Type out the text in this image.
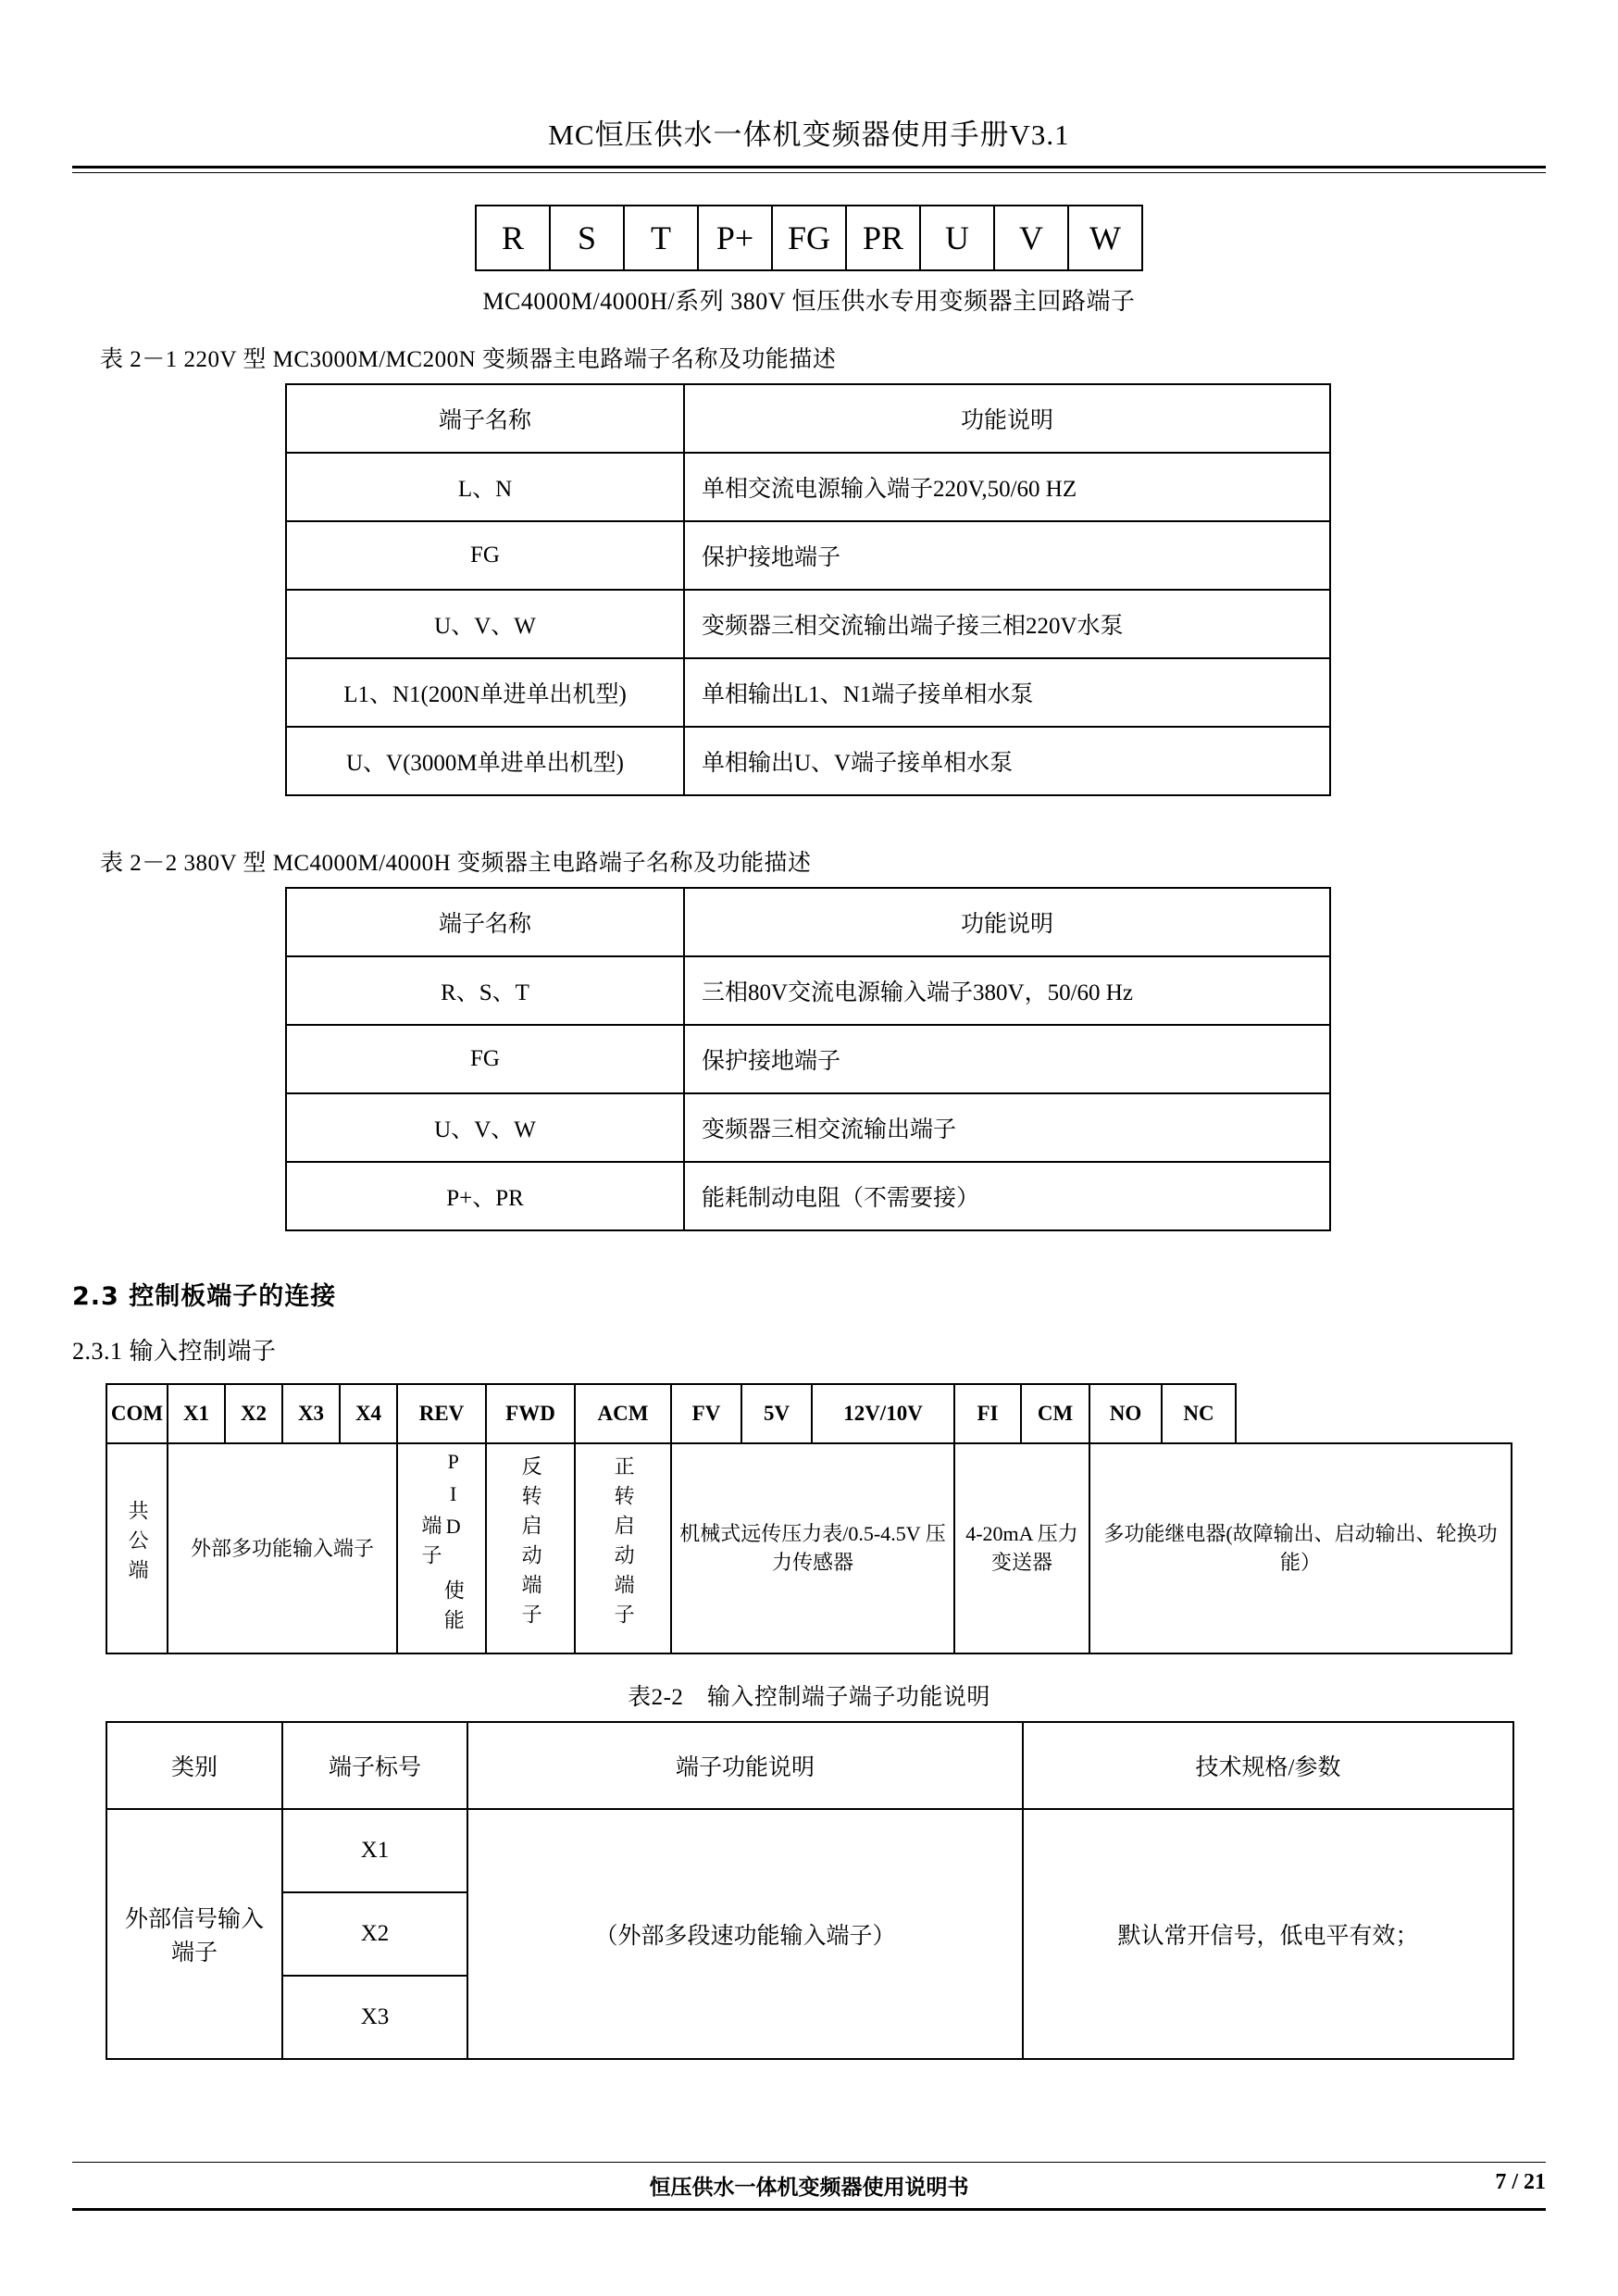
MC恒压供水一体机变频器使用手册V3.1
R	S	T	P+	FG	PR	U	V	W
MC4000M/4000H/系列 380V 恒压供水专用变频器主回路端子
表 2－1 220V 型 MC3000M/MC200N 变频器主电路端子名称及功能描述
端子名称	功能说明
L、N	单相交流电源输入端子220V,50/60 HZ
FG	保护接地端子
U、V、W	变频器三相交流输出端子接三相220V水泵
L1、N1(200N单进单出机型)	单相输出L1、N1端子接单相水泵
U、V(3000M单进单出机型)	单相输出U、V端子接单相水泵
表 2－2 380V 型 MC4000M/4000H 变频器主电路端子名称及功能描述
端子名称	功能说明
R、S、T	三相80V交流电源输入端子380V，50/60 Hz
FG	保护接地端子
U、V、W	变频器三相交流输出端子
P+、PR	能耗制动电阻（不需要接）
2.3 控制板端子的连接
2.3.1 输入控制端子
COM	X1	X2	X3	X4	REV	FWD	ACM	FV	5V	12V/10V	FI	CM	NO	NC
共公端	外部多功能输入端子				PID 使能端子	反转启动端子	正转启动端子	机械式远传压力表/0.5-4.5V 压力传感器			4-20mA 压力变送器		多功能继电器(故障输出、启动输出、轮换功能）	
表2-2　输入控制端子端子功能说明
类别	端子标号	端子功能说明	技术规格/参数
外部信号输入端子	X1	（外部多段速功能输入端子）	默认常开信号，低电平有效；
	X2		
	X3		
恒压供水一体机变频器使用说明书	7 / 21
